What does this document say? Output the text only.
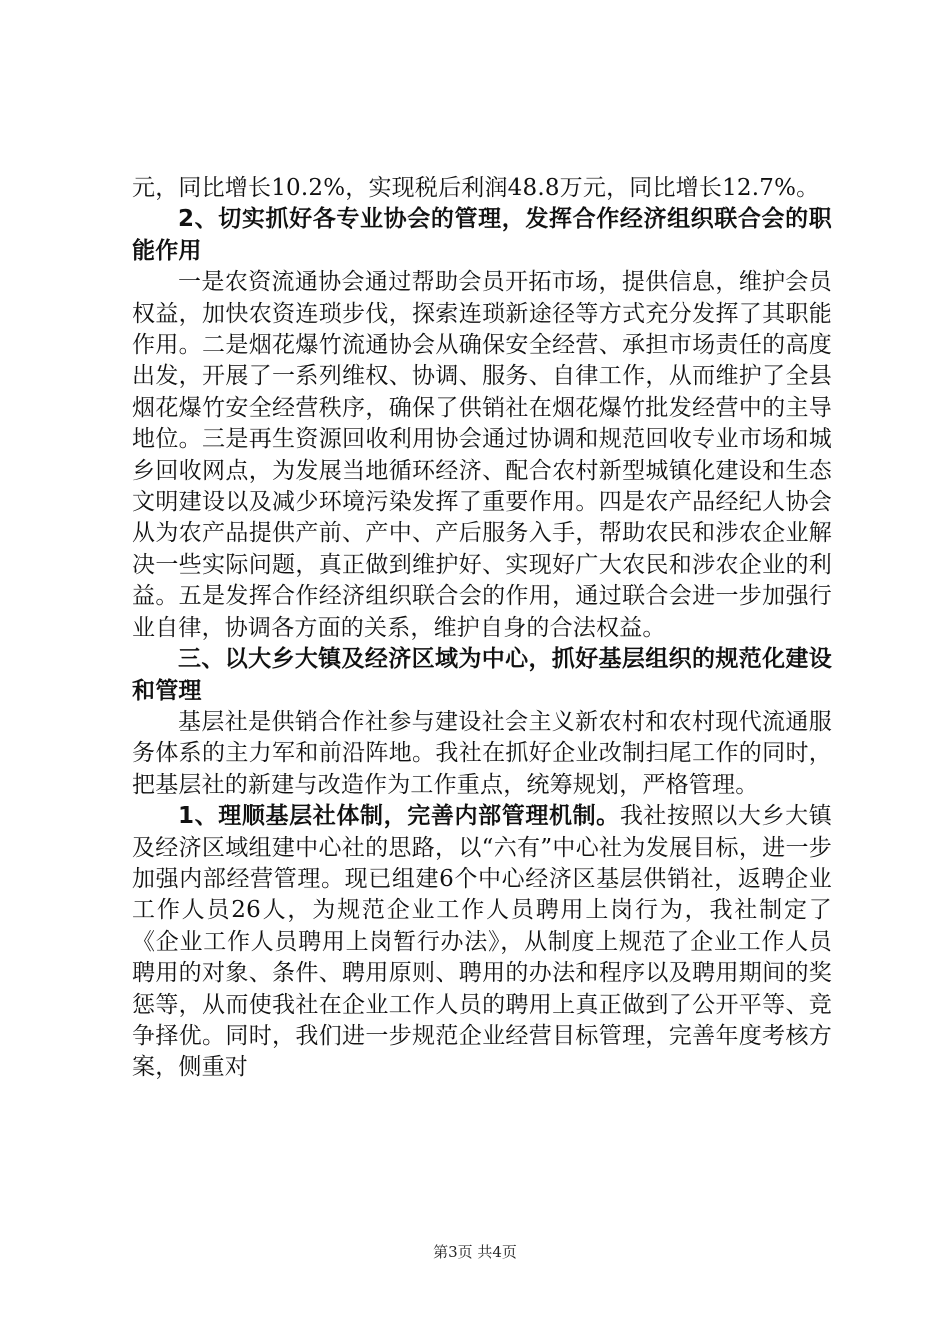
元，同比增长10.2%，实现税后利润48.8万元，同比增长12.7%。

2、切实抓好各专业协会的管理，发挥合作经济组织联合会的职能作用

一是农资流通协会通过帮助会员开拓市场，提供信息，维护会员权益，加快农资连琐步伐，探索连琐新途径等方式充分发挥了其职能作用。二是烟花爆竹流通协会从确保安全经营、承担市场责任的高度出发，开展了一系列维权、协调、服务、自律工作，从而维护了全县烟花爆竹安全经营秩序，确保了供销社在烟花爆竹批发经营中的主导地位。三是再生资源回收利用协会通过协调和规范回收专业市场和城乡回收网点，为发展当地循环经济、配合农村新型城镇化建设和生态文明建设以及减少环境污染发挥了重要作用。四是农产品经纪人协会从为农产品提供产前、产中、产后服务入手，帮助农民和涉农企业解决一些实际问题，真正做到维护好、实现好广大农民和涉农企业的利益。五是发挥合作经济组织联合会的作用，通过联合会进一步加强行业自律，协调各方面的关系，维护自身的合法权益。

三、以大乡大镇及经济区域为中心，抓好基层组织的规范化建设和管理

基层社是供销合作社参与建设社会主义新农村和农村现代流通服务体系的主力军和前沿阵地。我社在抓好企业改制扫尾工作的同时，把基层社的新建与改造作为工作重点，统筹规划，严格管理。

1、理顺基层社体制，完善内部管理机制。我社按照以大乡大镇及经济区域组建中心社的思路，以“六有”中心社为发展目标，进一步加强内部经营管理。现已组建6个中心经济区基层供销社，返聘企业工作人员26人，为规范企业工作人员聘用上岗行为，我社制定了《企业工作人员聘用上岗暂行办法》，从制度上规范了企业工作人员聘用的对象、条件、聘用原则、聘用的办法和程序以及聘用期间的奖惩等，从而使我社在企业工作人员的聘用上真正做到了公开平等、竞争择优。同时，我们进一步规范企业经营目标管理，完善年度考核方案，侧重对

第3页 共4页
